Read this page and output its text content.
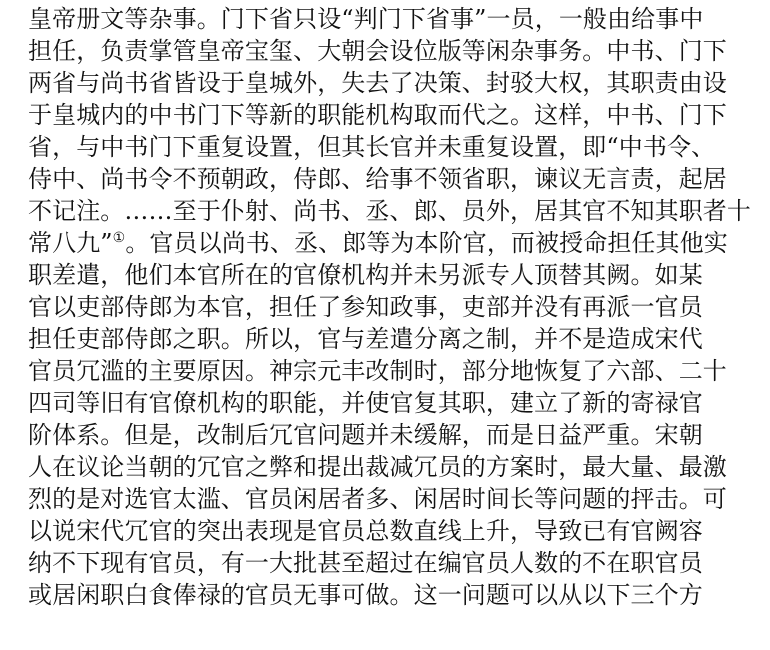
皇帝册文等杂事。门下省只设“判门下省事”一员，一般由给事中
担任，负责掌管皇帝宝玺、大朝会设位版等闲杂事务。中书、门下
两省与尚书省皆设于皇城外，失去了决策、封驳大权，其职责由设
于皇城内的中书门下等新的职能机构取而代之。这样，中书、门下
省，与中书门下重复设置，但其长官并未重复设置，即“中书令、
侍中、尚书令不预朝政，侍郎、给事不领省职，谏议无言责，起居
不记注。……至于仆射、尚书、丞、郎、员外，居其官不知其职者十
常八九”①。官员以尚书、丞、郎等为本阶官，而被授命担任其他实
职差遣，他们本官所在的官僚机构并未另派专人顶替其阙。如某
官以吏部侍郎为本官，担任了参知政事，吏部并没有再派一官员
担任吏部侍郎之职。所以，官与差遣分离之制，并不是造成宋代
官员冗滥的主要原因。神宗元丰改制时，部分地恢复了六部、二十
四司等旧有官僚机构的职能，并使官复其职，建立了新的寄禄官
阶体系。但是，改制后冗官问题并未缓解，而是日益严重。宋朝
人在议论当朝的冗官之弊和提出裁减冗员的方案时，最大量、最激
烈的是对选官太滥、官员闲居者多、闲居时间长等问题的抨击。可
以说宋代冗官的突出表现是官员总数直线上升，导致已有官阙容
纳不下现有官员，有一大批甚至超过在编官员人数的不在职官员
或居闲职白食俸禄的官员无事可做。这一问题可以从以下三个方
